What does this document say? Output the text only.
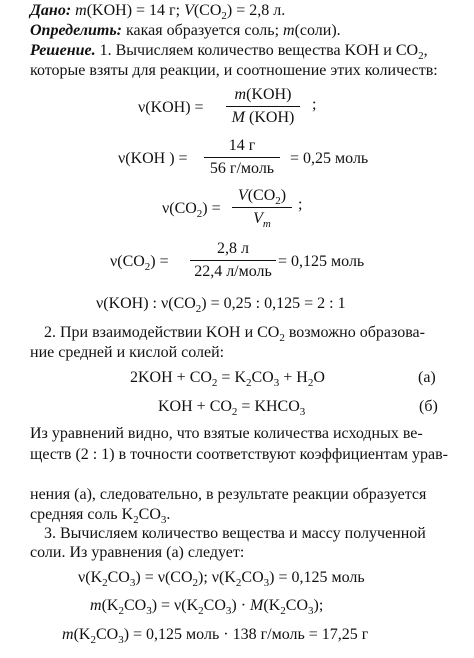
Дано: m(KOH) = 14 г; $V(CO_2) = 2,8$ л.
Определить: какая образуется соль; m(соли).
Решение. 1. Вычисляем количество вещества KOH и $CO_2$,
которые взяты для реакции, и соотношение этих количеств:
ν(KOH) =
m(KOH)
M (KOH)
;
ν(KOH ) =
14 г
56 г/моль
= 0,25 моль
$\nu(CO_2)$ =
$V(CO_2)$
$V_m$
;
$\nu(CO_2)$ =
2,8 л
22,4 л/моль
= 0,125 моль
ν(KOH) : $\nu(CO_2) = 0,25$ : 0,125 = 2 : 1
2. При взаимодействии KOH и $CO_2$ возможно образова-
ние средней и кислой солей:
$2KOH + CO_2 = K_2CO_3 + H_2O$	(a)
KOH + $CO_2$ = $KHCO_3$	(б)
Из уравнений видно, что взятые количества исходных ве-
ществ (2 : 1) в точности соответствуют коэффициентам урав-
нения (а), следовательно, в результате реакции образуется
средняя соль $K_2CO_3$.
3. Вычисляем количество вещества и массу полученной
соли. Из уравнения (а) следует:
$\nu(K_2CO_3) = \nu(CO_2)$; $\nu(K_2CO_3) = 0,125$ моль
$m(K_2CO_3) = \nu(K_2CO_3) \cdot M(K_2CO_3)$;
$m(K_2CO_3) = 0,125$ моль · 138 г/моль = 17,25 г
